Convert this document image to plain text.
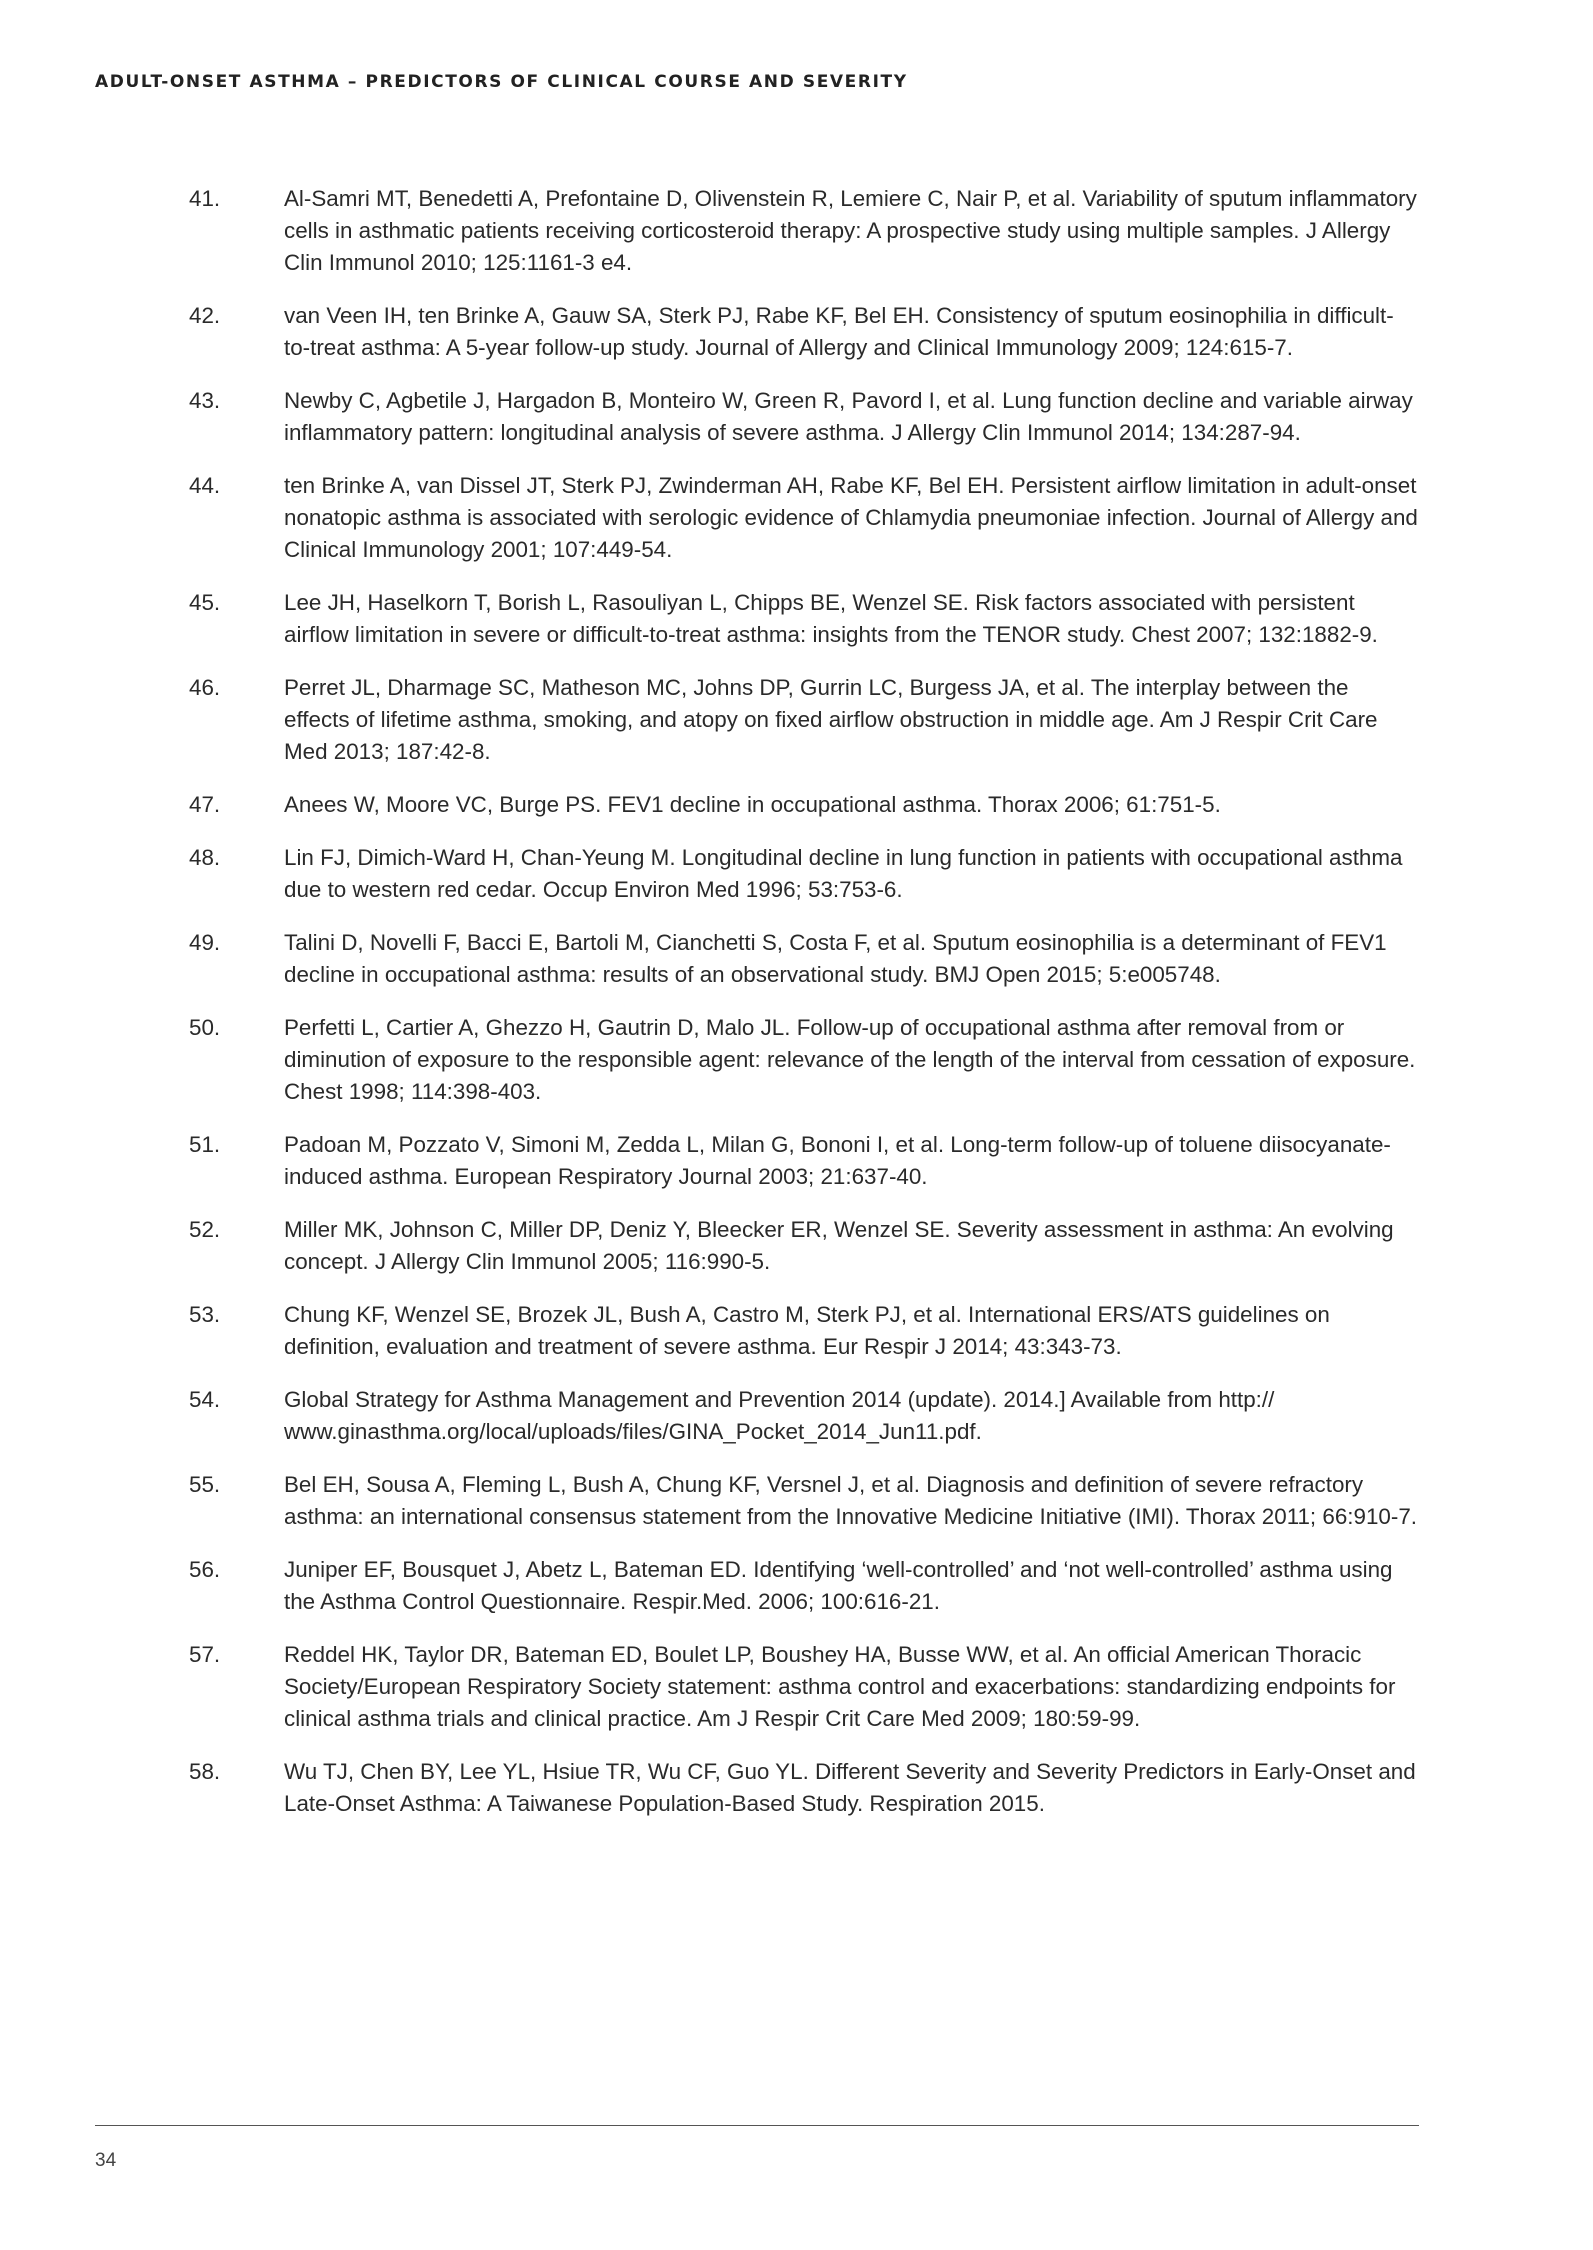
ADULT-ONSET ASTHMA – PREDICTORS OF CLINICAL COURSE AND SEVERITY
41.	Al-Samri MT, Benedetti A, Prefontaine D, Olivenstein R, Lemiere C, Nair P, et al. Variability of sputum inflammatory cells in asthmatic patients receiving corticosteroid therapy: A prospective study using multiple samples. J Allergy Clin Immunol 2010; 125:1161-3 e4.
42.	van Veen IH, ten Brinke A, Gauw SA, Sterk PJ, Rabe KF, Bel EH. Consistency of sputum eosinophilia in difficult-to-treat asthma: A 5-year follow-up study. Journal of Allergy and Clinical Immunology 2009; 124:615-7.
43.	Newby C, Agbetile J, Hargadon B, Monteiro W, Green R, Pavord I, et al. Lung function decline and variable airway inflammatory pattern: longitudinal analysis of severe asthma. J Allergy Clin Immunol 2014; 134:287-94.
44.	ten Brinke A, van Dissel JT, Sterk PJ, Zwinderman AH, Rabe KF, Bel EH. Persistent airflow limitation in adult-onset nonatopic asthma is associated with serologic evidence of Chlamydia pneumoniae infection. Journal of Allergy and Clinical Immunology 2001; 107:449-54.
45.	Lee JH, Haselkorn T, Borish L, Rasouliyan L, Chipps BE, Wenzel SE. Risk factors associated with persistent airflow limitation in severe or difficult-to-treat asthma: insights from the TENOR study. Chest 2007; 132:1882-9.
46.	Perret JL, Dharmage SC, Matheson MC, Johns DP, Gurrin LC, Burgess JA, et al. The interplay between the effects of lifetime asthma, smoking, and atopy on fixed airflow obstruction in middle age. Am J Respir Crit Care Med 2013; 187:42-8.
47.	Anees W, Moore VC, Burge PS. FEV1 decline in occupational asthma. Thorax 2006; 61:751-5.
48.	Lin FJ, Dimich-Ward H, Chan-Yeung M. Longitudinal decline in lung function in patients with occupational asthma due to western red cedar. Occup Environ Med 1996; 53:753-6.
49.	Talini D, Novelli F, Bacci E, Bartoli M, Cianchetti S, Costa F, et al. Sputum eosinophilia is a determinant of FEV1 decline in occupational asthma: results of an observational study. BMJ Open 2015; 5:e005748.
50.	Perfetti L, Cartier A, Ghezzo H, Gautrin D, Malo JL. Follow-up of occupational asthma after removal from or diminution of exposure to the responsible agent: relevance of the length of the interval from cessation of exposure. Chest 1998; 114:398-403.
51.	Padoan M, Pozzato V, Simoni M, Zedda L, Milan G, Bononi I, et al. Long-term follow-up of toluene diisocyanate-induced asthma. European Respiratory Journal 2003; 21:637-40.
52.	Miller MK, Johnson C, Miller DP, Deniz Y, Bleecker ER, Wenzel SE. Severity assessment in asthma: An evolving concept. J Allergy Clin Immunol 2005; 116:990-5.
53.	Chung KF, Wenzel SE, Brozek JL, Bush A, Castro M, Sterk PJ, et al. International ERS/ATS guidelines on definition, evaluation and treatment of severe asthma. Eur Respir J 2014; 43:343-73.
54.	Global Strategy for Asthma Management and Prevention 2014 (update). 2014.] Available from http:// www.ginasthma.org/local/uploads/files/GINA_Pocket_2014_Jun11.pdf.
55.	Bel EH, Sousa A, Fleming L, Bush A, Chung KF, Versnel J, et al. Diagnosis and definition of severe refractory asthma: an international consensus statement from the Innovative Medicine Initiative (IMI). Thorax 2011; 66:910-7.
56.	Juniper EF, Bousquet J, Abetz L, Bateman ED. Identifying ‘well-controlled’ and ‘not well-controlled’ asthma using the Asthma Control Questionnaire. Respir.Med. 2006; 100:616-21.
57.	Reddel HK, Taylor DR, Bateman ED, Boulet LP, Boushey HA, Busse WW, et al. An official American Thoracic Society/European Respiratory Society statement: asthma control and exacerbations: standardizing endpoints for clinical asthma trials and clinical practice. Am J Respir Crit Care Med 2009; 180:59-99.
58.	Wu TJ, Chen BY, Lee YL, Hsiue TR, Wu CF, Guo YL. Different Severity and Severity Predictors in Early-Onset and Late-Onset Asthma: A Taiwanese Population-Based Study. Respiration 2015.
34
